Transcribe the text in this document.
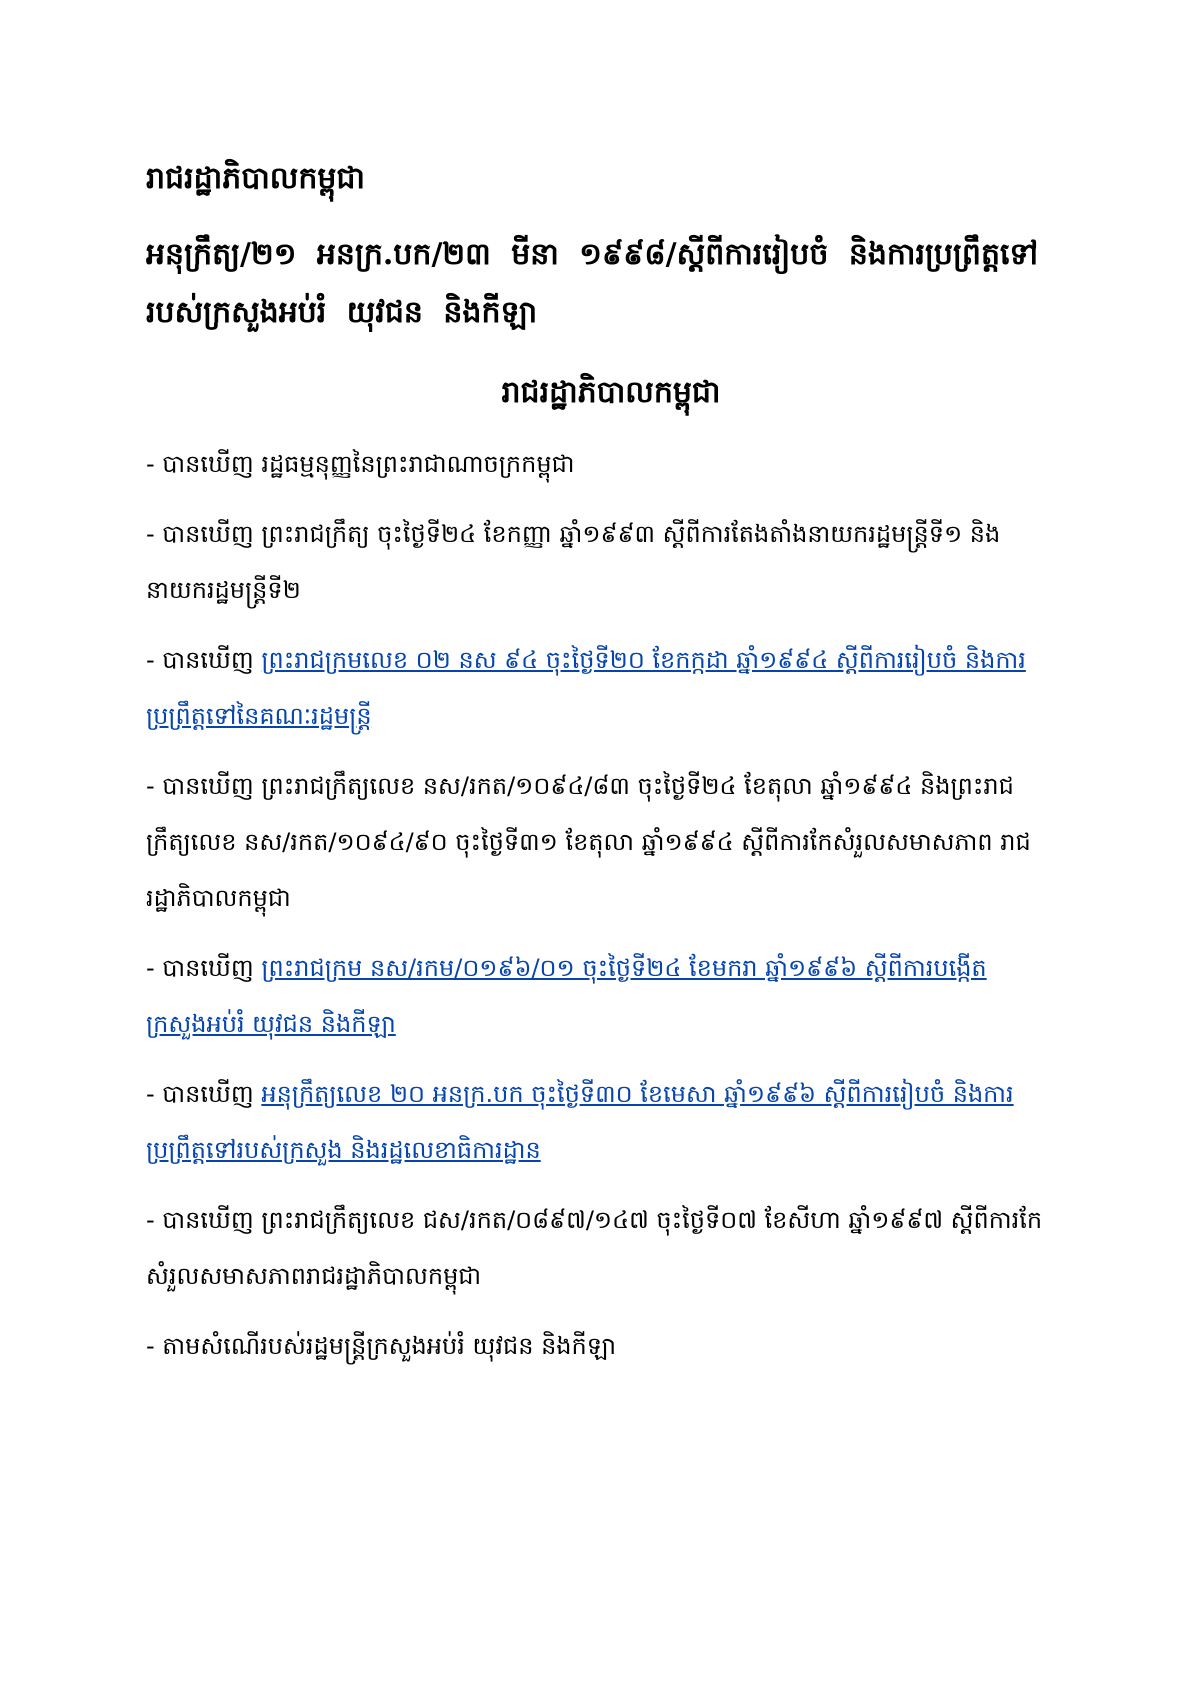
រាជរដ្ឋាភិបាលកម្ពុជា
អនុក្រឹត្យ/២១ អនក្រ.បក/២៣ មីនា ១៩៩៨/ស្តីពីការរៀបចំ និងការប្រព្រឹត្តទៅ របស់ក្រសួងអប់រំ យុវជន និងកីឡា
រាជរដ្ឋាភិបាលកម្ពុជា

- បានឃើញ រដ្ឋធម្មនុញ្ញនៃព្រះរាជាណាចក្រកម្ពុជា

- បានឃើញ ព្រះរាជក្រឹត្យ ចុះថ្ងៃទី២៤ ខែកញ្ញា ឆ្នាំ១៩៩៣ ស្តីពីការតែងតាំងនាយករដ្ឋមន្ត្រីទី១ និង នាយករដ្ឋមន្ត្រីទី២

- បានឃើញ ព្រះរាជក្រមលេខ ០២ នស ៩៤ ចុះថ្ងៃទី២០ ខែកក្កដា ឆ្នាំ១៩៩៤ ស្តីពីការរៀបចំ និងការ ប្រព្រឹត្តទៅនៃគណៈរដ្ឋមន្ត្រី

- បានឃើញ ព្រះរាជក្រឹត្យលេខ នស/រកត/១០៩៤/៨៣ ចុះថ្ងៃទី២៤ ខែតុលា ឆ្នាំ១៩៩៤ និងព្រះរាជ ក្រឹត្យលេខ នស/រកត/១០៩៤/៩០ ចុះថ្ងៃទី៣១ ខែតុលា ឆ្នាំ១៩៩៤ ស្តីពីការកែសំរួលសមាសភាព រាជរដ្ឋាភិបាលកម្ពុជា

- បានឃើញ ព្រះរាជក្រម នស/រកម/០១៩៦/០១ ចុះថ្ងៃទី២៤ ខែមករា ឆ្នាំ១៩៩៦ ស្តីពីការបង្កើត ក្រសួងអប់រំ យុវជន និងកីឡា

- បានឃើញ អនុក្រឹត្យលេខ ២០ អនក្រ.បក ចុះថ្ងៃទី៣០ ខែមេសា ឆ្នាំ១៩៩៦ ស្តីពីការរៀបចំ និងការ ប្រព្រឹត្តទៅរបស់ក្រសួង និងរដ្ឋលេខាធិការដ្ឋាន

- បានឃើញ ព្រះរាជក្រឹត្យលេខ ជស/រកត/០៨៩៧/១៤៧ ចុះថ្ងៃទី០៧ ខែសីហា ឆ្នាំ១៩៩៧ ស្តីពីការកែ សំរួលសមាសភាពរាជរដ្ឋាភិបាលកម្ពុជា

- តាមសំណើរបស់រដ្ឋមន្ត្រីក្រសួងអប់រំ យុវជន និងកីឡា
